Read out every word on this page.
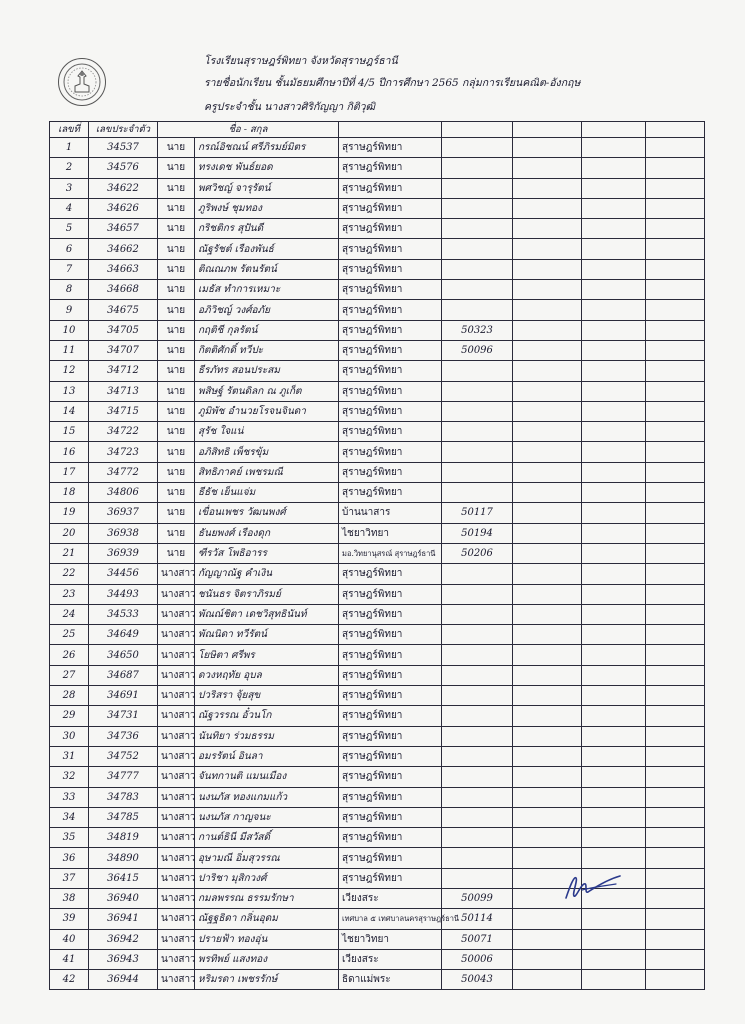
โรงเรียนสุราษฎร์พิทยา จังหวัดสุราษฎร์ธานี
รายชื่อนักเรียน ชั้นมัธยมศึกษาปีที่ 4/5 ปีการศึกษา 2565 กลุ่มการเรียนคณิต-อังกฤษ
ครูประจำชั้น นางสาวศิริกัญญา กิติวุฒิ
เลขที่	เลขประจำตัว	ชื่อ - สกุล						
1	34537	นาย	กรณ์อิชณน์ ศรีภิรมย์มิตร	สุราษฎร์พิทยา				
2	34576	นาย	ทรงเดช พันธ์ยอด	สุราษฎร์พิทยา				
3	34622	นาย	พศวิชญ์ จารุรัตน์	สุราษฎร์พิทยา				
4	34626	นาย	ภูริพงษ์ ชุมทอง	สุราษฎร์พิทยา				
5	34657	นาย	กริชติกร สุปันดี	สุราษฎร์พิทยา				
6	34662	นาย	ณัฐรัชต์ เรืองพันธ์	สุราษฎร์พิทยา				
7	34663	นาย	ติณณภพ รัตนรัตน์	สุราษฎร์พิทยา				
8	34668	นาย	เมธัส ทำการเหมาะ	สุราษฎร์พิทยา				
9	34675	นาย	อภิวิชญ์ วงศ์อภัย	สุราษฎร์พิทยา				
10	34705	นาย	กฤติชี กุลรัตน์	สุราษฎร์พิทยา	50323			
11	34707	นาย	กิตติศักดิ์ ทวีปะ	สุราษฎร์พิทยา	50096			
12	34712	นาย	ธีรภัทร สอนประสม	สุราษฎร์พิทยา				
13	34713	นาย	พสิษฐ์ รัตนดิลก ณ ภูเก็ต	สุราษฎร์พิทยา				
14	34715	นาย	ภูมิพัช อำนวยโรจนจินดา	สุราษฎร์พิทยา				
15	34722	นาย	สุรัช ใจแน่	สุราษฎร์พิทยา				
16	34723	นาย	อภิสิทธิ เพ็ชรขุ้ม	สุราษฎร์พิทยา				
17	34772	นาย	สิทธิภาคย์ เพชรมณี	สุราษฎร์พิทยา				
18	34806	นาย	ธีธัช เย็นแจ่ม	สุราษฎร์พิทยา				
19	36937	นาย	เขื่อนเพชร วัฒนพงศ์	บ้านนาสาร	50117			
20	36938	นาย	ธันยพงศ์ เรืองดุก	ไชยาวิทยา	50194			
21	36939	นาย	ฑีรวัส โพธิอารร	มอ.วิทยานุสรณ์ สุราษฎร์ธานี	50206			
22	34456	นางสาว	กัญญาณัฐ คำเงิน	สุราษฎร์พิทยา				
23	34493	นางสาว	ชนันธร จิตราภิรมย์	สุราษฎร์พิทยา				
24	34533	นางสาว	พัณณ์ชิตา เดชวิสุทธินันท์	สุราษฎร์พิทยา				
25	34649	นางสาว	พัณนิดา ทวีรัตน์	สุราษฎร์พิทยา				
26	34650	นางสาว	โยษิตา ศรีพร	สุราษฎร์พิทยา				
27	34687	นางสาว	ดวงหฤทัย อุบล	สุราษฎร์พิทยา				
28	34691	นางสาว	ปวริสรา จุ้ยสุข	สุราษฎร์พิทยา				
29	34731	นางสาว	ณัฐวรรณ อั๋วนโก	สุราษฎร์พิทยา				
30	34736	นางสาว	นันทิยา ร่วมธรรม	สุราษฎร์พิทยา				
31	34752	นางสาว	อมรรัตน์ อินลา	สุราษฎร์พิทยา				
32	34777	นางสาว	จันทกานติ แมนเมือง	สุราษฎร์พิทยา				
33	34783	นางสาว	นงนภัส ทองแกมแก้ว	สุราษฎร์พิทยา				
34	34785	นางสาว	นงนภัส กาญจนะ	สุราษฎร์พิทยา				
35	34819	นางสาว	กานต์ธินี มีสวัสดิ์	สุราษฎร์พิทยา				
36	34890	นางสาว	อุษามณี อิ่มสุวรรณ	สุราษฎร์พิทยา				
37	36415	นางสาว	ปาริชา มุสิกวงศ์	สุราษฎร์พิทยา				
38	36940	นางสาว	กมลพรรณ ธรรมรักษา	เวียงสระ	50099			
39	36941	นางสาว	ณัฐฐธิดา กลิ่นอุดม	เทศบาล ๕ เทศบาลนครสุราษฎร์ธานี	50114			
40	36942	นางสาว	ปรายฟ้า ทองอุ่น	ไชยาวิทยา	50071			
41	36943	นางสาว	พรทิพย์ แสงทอง	เวียงสระ	50006			
42	36944	นางสาว	หริมรดา เพชรรักษ์	ธิดาแม่พระ	50043			
